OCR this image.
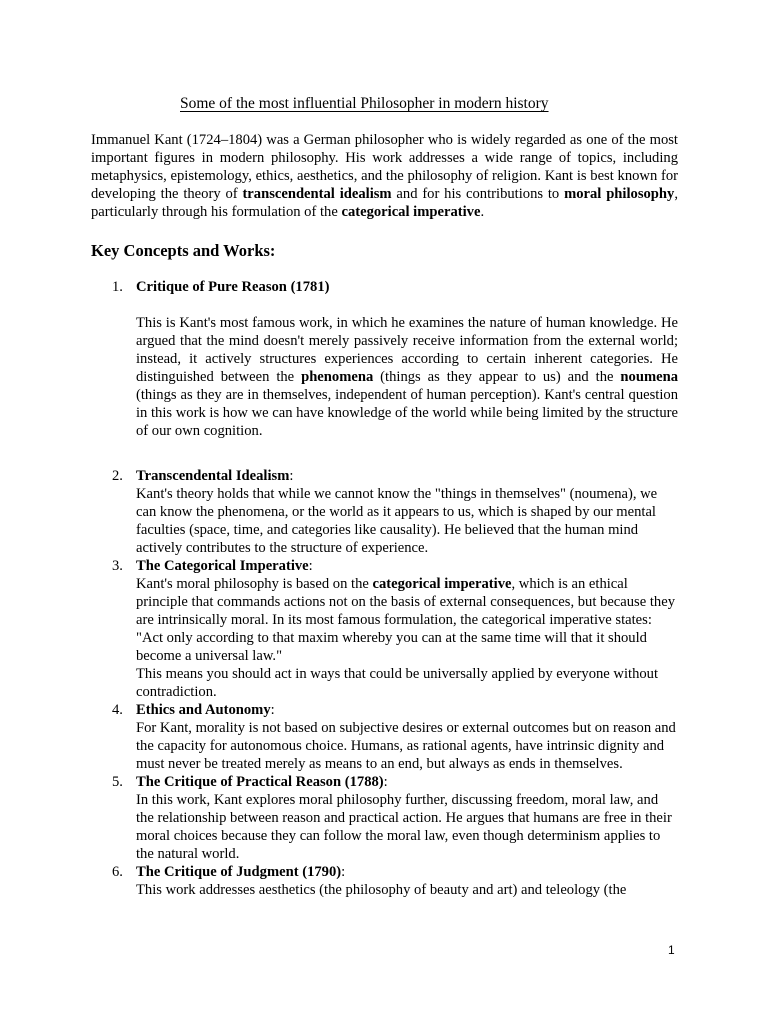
Some of the most influential Philosopher in modern history

Immanuel Kant (1724–1804) was a German philosopher who is widely regarded as one of the most important figures in modern philosophy. His work addresses a wide range of topics, including metaphysics, epistemology, ethics, aesthetics, and the philosophy of religion. Kant is best known for developing the theory of transcendental idealism and for his contributions to moral philosophy, particularly through his formulation of the categorical imperative.

Key Concepts and Works:
1. Critique of Pure Reason (1781)

This is Kant's most famous work, in which he examines the nature of human knowledge. He argued that the mind doesn't merely passively receive information from the external world; instead, it actively structures experiences according to certain inherent categories. He distinguished between the phenomena (things as they appear to us) and the noumena (things as they are in themselves, independent of human perception). Kant's central question in this work is how we can have knowledge of the world while being limited by the structure of our own cognition.

2. Transcendental Idealism:

Kant's theory holds that while we cannot know the "things in themselves" (noumena), we can know the phenomena, or the world as it appears to us, which is shaped by our mental faculties (space, time, and categories like causality). He believed that the human mind actively contributes to the structure of experience.

3. The Categorical Imperative:

Kant's moral philosophy is based on the categorical imperative, which is an ethical principle that commands actions not on the basis of external consequences, but because they are intrinsically moral. In its most famous formulation, the categorical imperative states:

"Act only according to that maxim whereby you can at the same time will that it should become a universal law."

This means you should act in ways that could be universally applied by everyone without contradiction.

4. Ethics and Autonomy:

For Kant, morality is not based on subjective desires or external outcomes but on reason and the capacity for autonomous choice. Humans, as rational agents, have intrinsic dignity and must never be treated merely as means to an end, but always as ends in themselves.

5. The Critique of Practical Reason (1788):

In this work, Kant explores moral philosophy further, discussing freedom, moral law, and the relationship between reason and practical action. He argues that humans are free in their moral choices because they can follow the moral law, even though determinism applies to the natural world.

6. The Critique of Judgment (1790):

This work addresses aesthetics (the philosophy of beauty and art) and teleology (the

1
